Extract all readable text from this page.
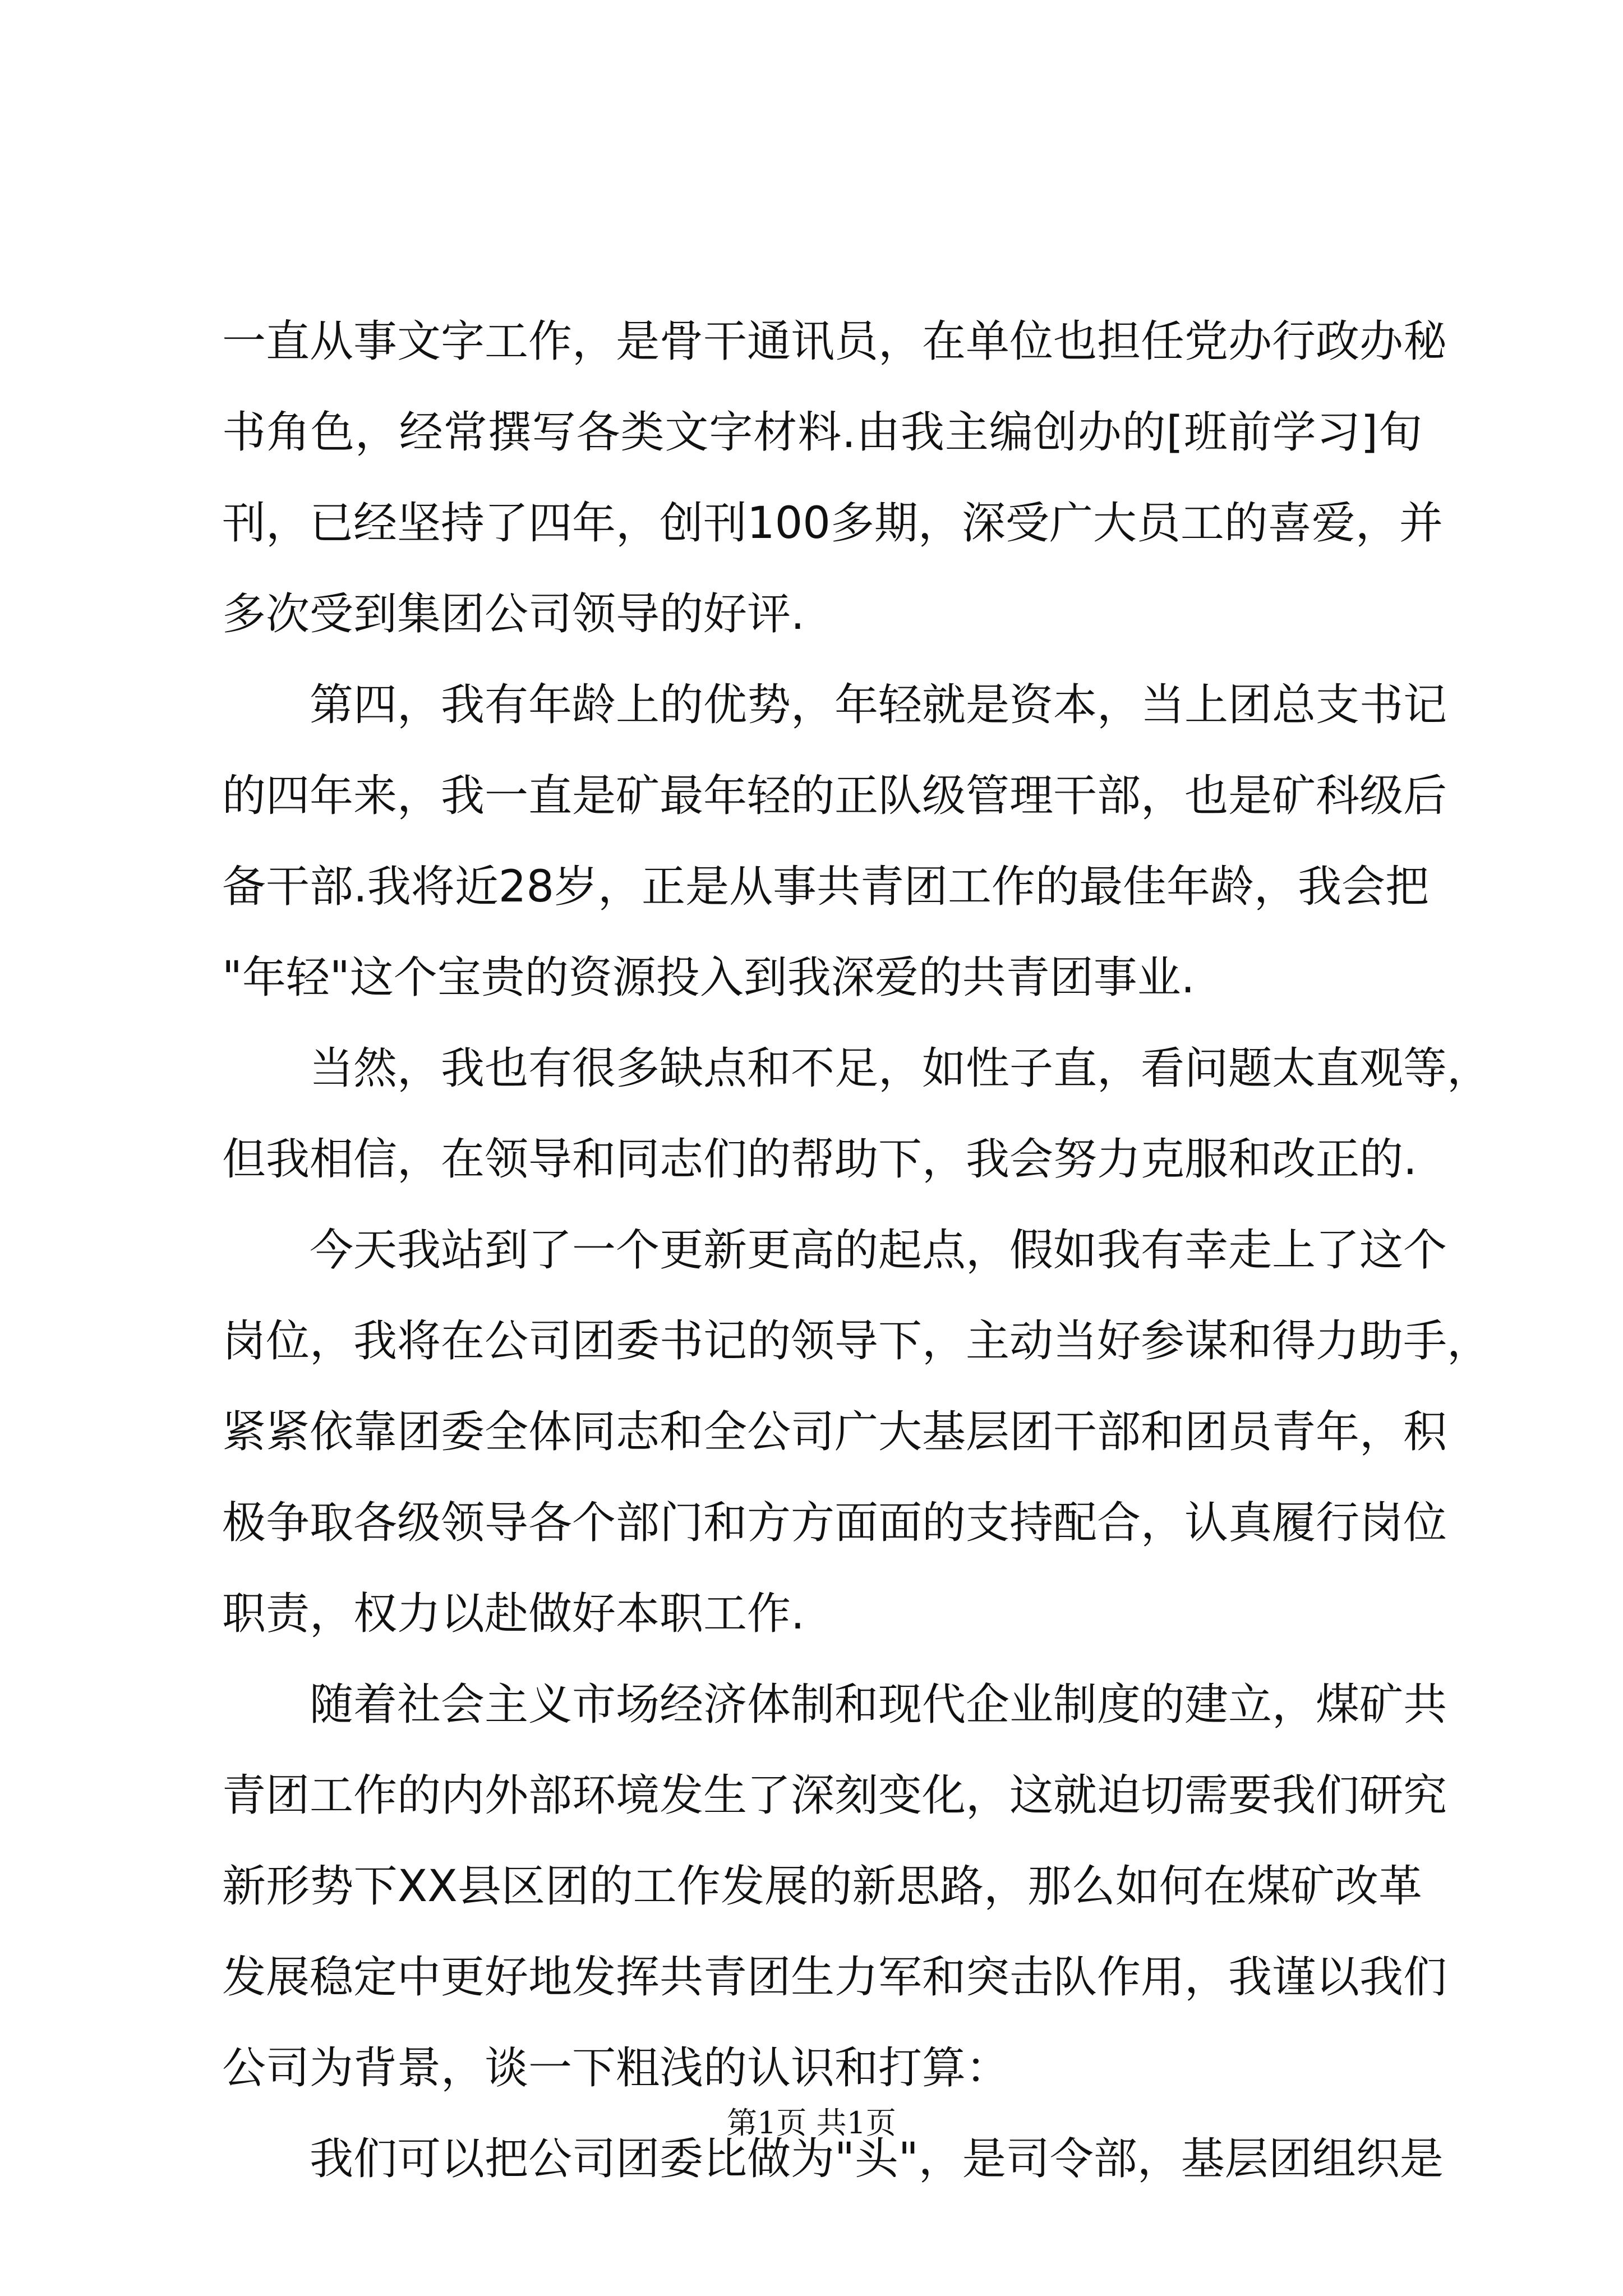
一直从事文字工作，是骨干通讯员，在单位也担任党办行政办秘
书角色，经常撰写各类文字材料.由我主编创办的[班前学习]旬
刊，已经坚持了四年，创刊100多期，深受广大员工的喜爱，并
多次受到集团公司领导的好评.
　　第四，我有年龄上的优势，年轻就是资本，当上团总支书记
的四年来，我一直是矿最年轻的正队级管理干部，也是矿科级后
备干部.我将近28岁，正是从事共青团工作的最佳年龄，我会把
"年轻"这个宝贵的资源投入到我深爱的共青团事业.
　　当然，我也有很多缺点和不足，如性子直，看问题太直观等，
但我相信，在领导和同志们的帮助下，我会努力克服和改正的.
　　今天我站到了一个更新更高的起点，假如我有幸走上了这个
岗位，我将在公司团委书记的领导下，主动当好参谋和得力助手，
紧紧依靠团委全体同志和全公司广大基层团干部和团员青年，积
极争取各级领导各个部门和方方面面的支持配合，认真履行岗位
职责，权力以赴做好本职工作.
　　随着社会主义市场经济体制和现代企业制度的建立，煤矿共
青团工作的内外部环境发生了深刻变化，这就迫切需要我们研究
新形势下XX县区团的工作发展的新思路，那么如何在煤矿改革
发展稳定中更好地发挥共青团生力军和突击队作用，我谨以我们
公司为背景，谈一下粗浅的认识和打算：
　　我们可以把公司团委比做为"头"，是司令部，基层团组织是
第1页 共1页
